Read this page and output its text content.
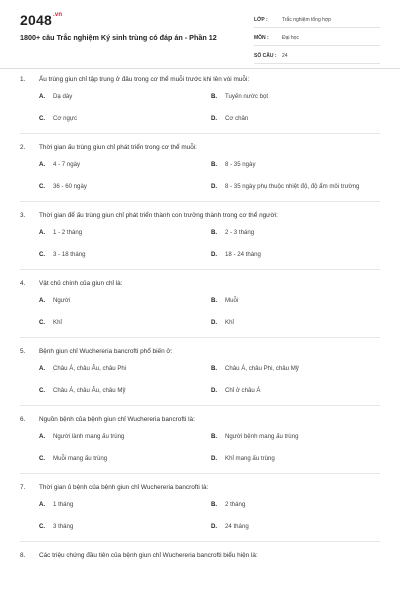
$2048^{.vn}$
1800+ câu Trắc nghiệm Ký sinh trùng có đáp án - Phần 12
LỚP :	Trắc nghiệm tổng hợp
MÔN :	Đại học
SỐ CÂU :	24
1.	Ấu trùng giun chỉ tập trung ở đâu trong cơ thể muỗi trước khi lên vòi muỗi:
A.	Dạ dày	B.	Tuyến nước bọt
C.	Cơ ngực	D.	Cơ chân
2.	Thời gian ấu trùng giun chỉ phát triển trong cơ thể muỗi:
A.	4 - 7 ngày	B.	8 - 35 ngày
C.	36 - 60 ngày	D.	8 - 35 ngày phụ thuộc nhiệt độ, độ ẩm môi trường
3.	Thời gian để ấu trùng giun chỉ phát triển thành con trưởng thành trong cơ thể người:
A.	1 - 2 tháng	B.	2 - 3 tháng
C.	3 - 18 tháng	D.	18 - 24 tháng
4.	Vật chủ chính của giun chỉ là:
A.	Người	B.	Muỗi
C.	Khỉ	D.	Khỉ
5.	Bệnh giun chỉ Wuchereria bancrofti phổ biến ở:
A.	Châu Á, châu Âu, châu Phi	B.	Châu Á, châu Phi, châu Mỹ
C.	Châu Á, châu Âu, châu Mỹ	D.	Chỉ ở châu Á
6.	Nguồn bệnh của bệnh giun chỉ Wuchereria bancrofti là:
A.	Người lành mang ấu trùng	B.	Người bệnh mang ấu trùng
C.	Muỗi mang ấu trùng	D.	Khỉ mang ấu trùng
7.	Thời gian ủ bệnh của bệnh giun chỉ Wuchereria bancrofti là:
A.	1 tháng	B.	2 tháng
C.	3 tháng	D.	24 tháng
8.	Các triệu chứng đầu tiên của bệnh giun chỉ Wuchereria bancrofti biểu hiện là:
